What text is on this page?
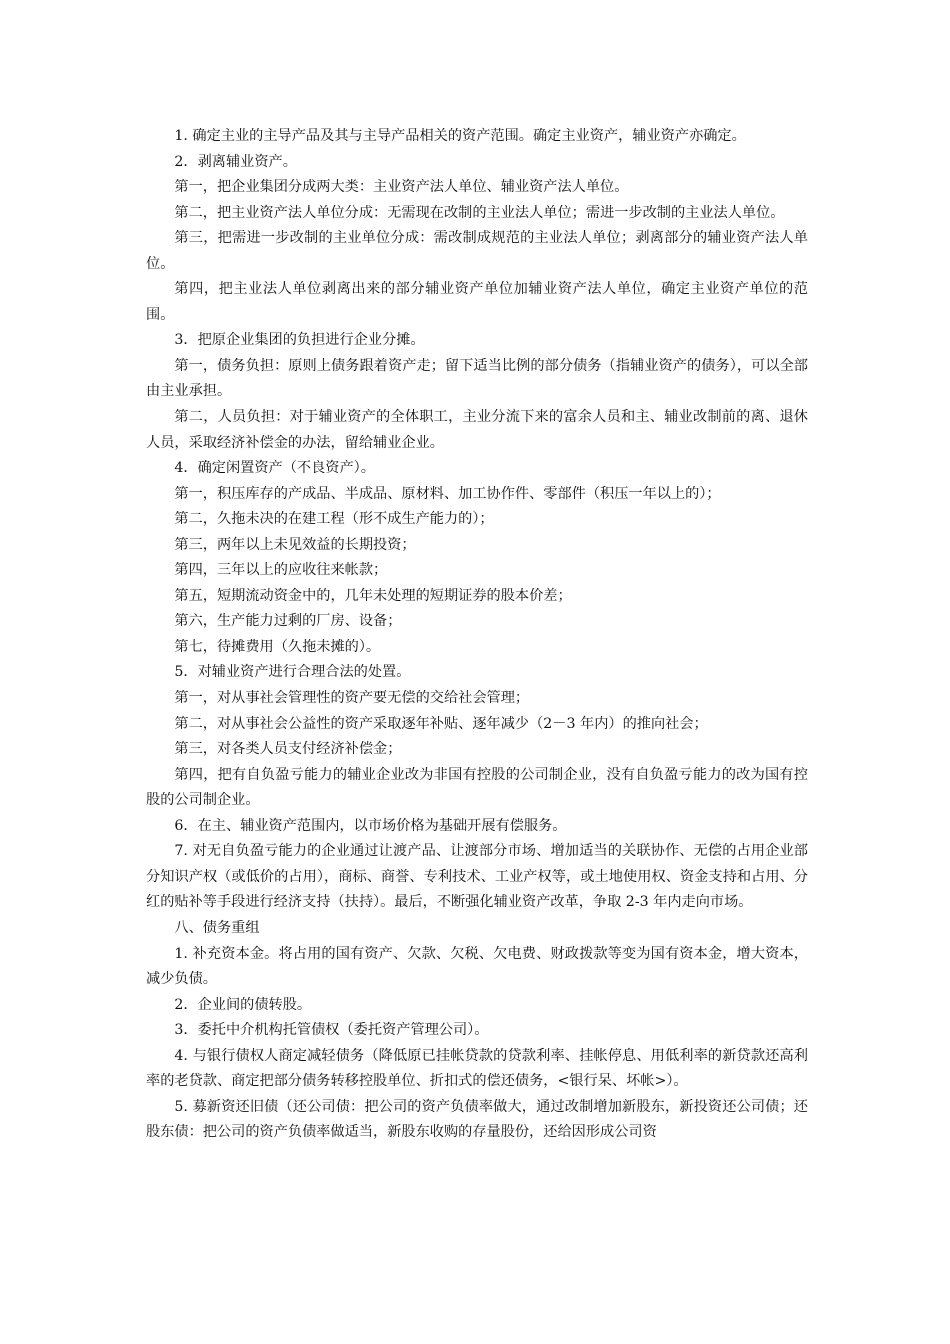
1. 确定主业的主导产品及其与主导产品相关的资产范围。确定主业资产，辅业资产亦确定。

2．剥离辅业资产。

第一，把企业集团分成两大类：主业资产法人单位、辅业资产法人单位。

第二，把主业资产法人单位分成：无需现在改制的主业法人单位；需进一步改制的主业法人单位。

第三，把需进一步改制的主业单位分成：需改制成规范的主业法人单位；剥离部分的辅业资产法人单位。

第四，把主业法人单位剥离出来的部分辅业资产单位加辅业资产法人单位，确定主业资产单位的范围。

3．把原企业集团的负担进行企业分摊。

第一，债务负担：原则上债务跟着资产走；留下适当比例的部分债务（指辅业资产的债务），可以全部由主业承担。

第二，人员负担：对于辅业资产的全体职工，主业分流下来的富余人员和主、辅业改制前的离、退休人员，采取经济补偿金的办法，留给辅业企业。

4．确定闲置资产（不良资产）。

第一，积压库存的产成品、半成品、原材料、加工协作件、零部件（积压一年以上的）；

第二，久拖未决的在建工程（形不成生产能力的）；

第三，两年以上未见效益的长期投资；

第四，三年以上的应收往来帐款；

第五，短期流动资金中的，几年未处理的短期证券的股本价差；

第六，生产能力过剩的厂房、设备；

第七，待摊费用（久拖未摊的）。

5．对辅业资产进行合理合法的处置。

第一，对从事社会管理性的资产要无偿的交给社会管理；

第二，对从事社会公益性的资产采取逐年补贴、逐年减少（2－3 年内）的推向社会；

第三，对各类人员支付经济补偿金；

第四，把有自负盈亏能力的辅业企业改为非国有控股的公司制企业，没有自负盈亏能力的改为国有控股的公司制企业。

6．在主、辅业资产范围内，以市场价格为基础开展有偿服务。

7. 对无自负盈亏能力的企业通过让渡产品、让渡部分市场、增加适当的关联协作、无偿的占用企业部分知识产权（或低价的占用），商标、商誉、专利技术、工业产权等，或土地使用权、资金支持和占用、分红的贴补等手段进行经济支持（扶持）。最后，不断强化辅业资产改革，争取 2-3 年内走向市场。

八、债务重组

1. 补充资本金。将占用的国有资产、欠款、欠税、欠电费、财政拨款等变为国有资本金，增大资本，减少负债。

2．企业间的债转股。

3．委托中介机构托管债权（委托资产管理公司）。

4. 与银行债权人商定减轻债务（降低原已挂帐贷款的贷款利率、挂帐停息、用低利率的新贷款还高利率的老贷款、商定把部分债务转移控股单位、折扣式的偿还债务，<银行呆、坏帐>）。

5. 募新资还旧债（还公司债：把公司的资产负债率做大，通过改制增加新股东，新投资还公司债；还股东债：把公司的资产负债率做适当，新股东收购的存量股份，还给因形成公司资
